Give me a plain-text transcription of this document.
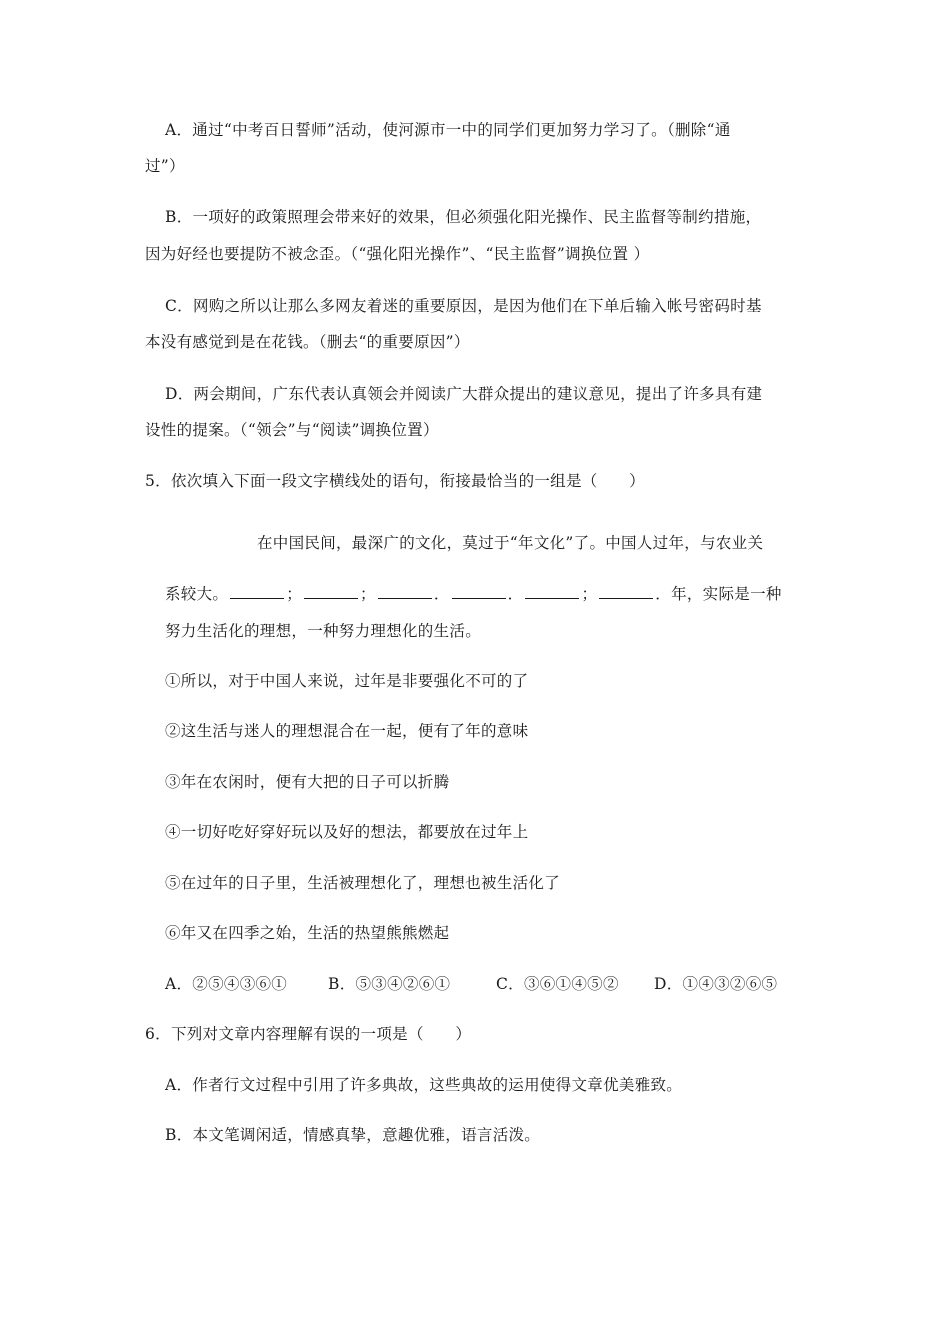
A．通过“中考百日誓师”活动，使河源市一中的同学们更加努力学习了。（删除“通
过”）
B．一项好的政策照理会带来好的效果，但必须强化阳光操作、民主监督等制约措施，
因为好经也要提防不被念歪。（“强化阳光操作”、“民主监督”调换位置 ）
C．网购之所以让那么多网友着迷的重要原因，是因为他们在下单后输入帐号密码时基
本没有感觉到是在花钱。（删去“的重要原因”）
D．两会期间，广东代表认真领会并阅读广大群众提出的建议意见，提出了许多具有建
设性的提案。（“领会”与“阅读”调换位置）
5．依次填入下面一段文字横线处的语句，衔接最恰当的一组是（　　）
在中国民间，最深广的文化，莫过于“年文化”了。中国人过年，与农业关
系较大。	；	；	．	．	；	．年，实际是一种
努力生活化的理想，一种努力理想化的生活。
①所以，对于中国人来说，过年是非要强化不可的了
②这生活与迷人的理想混合在一起，便有了年的意味
③年在农闲时，便有大把的日子可以折腾
④一切好吃好穿好玩以及好的想法，都要放在过年上
⑤在过年的日子里，生活被理想化了，理想也被生活化了
⑥年又在四季之始，生活的热望熊熊燃起
A．②⑤④③⑥①	B．⑤③④②⑥①	C．③⑥①④⑤② D．①④③②⑥⑤
6．下列对文章内容理解有误的一项是（　　）
A．作者行文过程中引用了许多典故，这些典故的运用使得文章优美雅致。
B．本文笔调闲适，情感真挚，意趣优雅，语言活泼。
